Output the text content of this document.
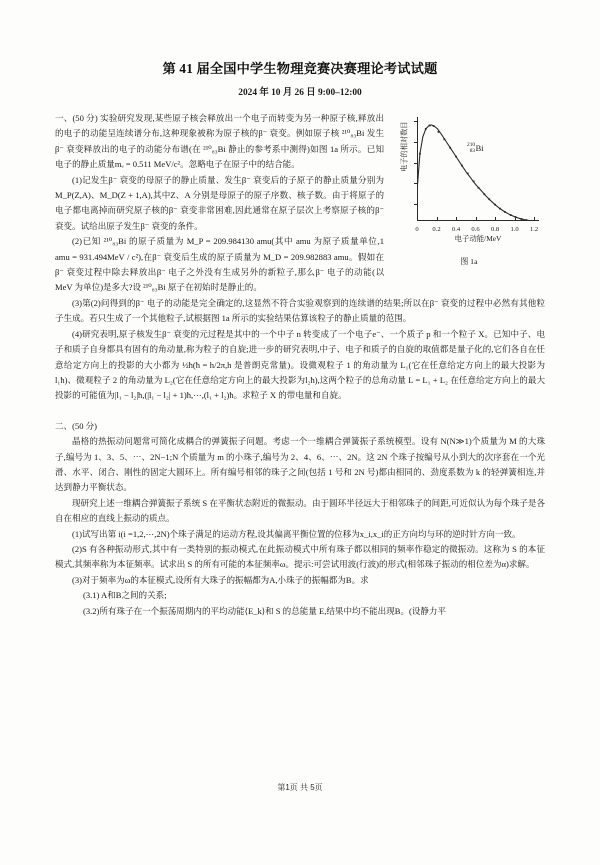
第 41 届全国中学生物理竞赛决赛理论考试试题
2024 年 10 月 26 日 9:00–12:00
0 0.2 0.4 0.6 0.8 1.0 1.2
210
83Bi
电子的相对数目
电子动能/MeV
图 1a

一、(50 分) 实验研究发现,某些原子核会释放出一个电子而转变为另一种原子核,释放出的电子的动能呈连续谱分布,这种现象被称为原子核的β⁻ 衰变。例如原子核 ²¹⁰₈₃Bi 发生β⁻ 衰变释放出的电子的动能分布谱(在 ²¹⁰₈₃Bi 静止的参考系中测得)如图 1a 所示。已知电子的静止质量mₑ = 0.511 MeV/c²。忽略电子在原子中的结合能。

(1)记发生β⁻ 衰变的母原子的静止质量、发生β⁻ 衰变后的子原子的静止质量分别为M_P(Z,A)、M_D(Z + 1,A),其中Z、A 分别是母原子的原子序数、核子数。由于将原子的电子都电离掉而研究原子核的β⁻ 衰变非常困难,因此通常在原子层次上考察原子核的β⁻ 衰变。试给出原子发生β⁻ 衰变的条件。

(2)已知 ²¹⁰₈₃Bi 的原子质量为 M_P = 209.984130 amu(其中 amu 为原子质量单位,1 amu = 931.494MeV / c²),在β⁻ 衰变后生成的原子质量为 M_D = 209.982883 amu。假如在β⁻ 衰变过程中除去释放出β⁻ 电子之外没有生成另外的新粒子,那么β⁻ 电子的动能(以 MeV 为单位)是多大?设 ²¹⁰₈₃Bi 原子在初始时是静止的。

(3)第(2)问得到的β⁻ 电子的动能是完全确定的,这显然不符合实验观察到的连续谱的结果;所以在β⁻ 衰变的过程中必然有其他粒子生成。若只生成了一个其他粒子,试根据图 1a 所示的实验结果估算该粒子的静止质量的范围。

(4)研究表明,原子核发生β⁻ 衰变的元过程是其中的一个中子 n 转变成了一个电子e⁻、一个质子 p 和一个粒子 X。已知中子、电子和质子自身都具有固有的角动量,称为粒子的自旋;进一步的研究表明,中子、电子和质子的自旋的取值都是量子化的,它们各自在任意给定方向上的投影的大小都为 ½ħ(ħ = h/2π,h 是普朗克常量)。设微观粒子 1 的角动量为 L₁(它在任意给定方向上的最大投影为l₁ħ)、微观粒子 2 的角动量为 L₂(它在任意给定方向上的最大投影为l₂ħ),这两个粒子的总角动量 L = L₁ + L₂ 在任意给定方向上的最大投影的可能值为|l₁ − l₂|ħ,(|l₁ − l₂| + 1)ħ,⋯,(l₁ + l₂)ħ。求粒子 X 的带电量和自旋。

二、(50 分)

晶格的热振动问题常可简化成耦合的弹簧振子问题。考虑一个一维耦合弹簧振子系统模型。设有 N(N≫1)个质量为 M 的大珠子,编号为 1、3、5、⋯、2N−1;N 个质量为 m 的小珠子,编号为 2、4、6、⋯、2N。这 2N 个珠子按编号从小到大的次序套在一个光滑、水平、闭合、刚性的固定大圆环上。所有编号相邻的珠子之间(包括 1 号和 2N 号)都由相同的、劲度系数为 k 的轻弹簧相连,并达到静力平衡状态。

现研究上述一维耦合弹簧振子系统 S 在平衡状态附近的微振动。由于圆环半径远大于相邻珠子的间距,可近似认为每个珠子是各自在相应的直线上振动的质点。

(1)试写出第 i(i =1,2,⋯,2N)个珠子满足的运动方程,设其偏离平衡位置的位移为x_i,x_i的正方向均与环的逆时针方向一致。

(2)S 有各种振动形式,其中有一类特别的振动模式,在此振动模式中所有珠子都以相同的频率作稳定的微振动。这称为 S 的本征模式,其频率称为本征频率。试求出 S 的所有可能的本征频率ω。提示:可尝试用波(行波)的形式(相邻珠子振动的相位差为α)求解。

(3)对于频率为ω的本征模式,设所有大珠子的振幅都为A,小珠子的振幅都为B。求

(3.1) A和B之间的关系;

(3.2)所有珠子在一个振荡周期内的平均动能⟨E_k⟩和 S 的总能量 E,结果中均不能出现B。(设静力平

第1页 共 5页
